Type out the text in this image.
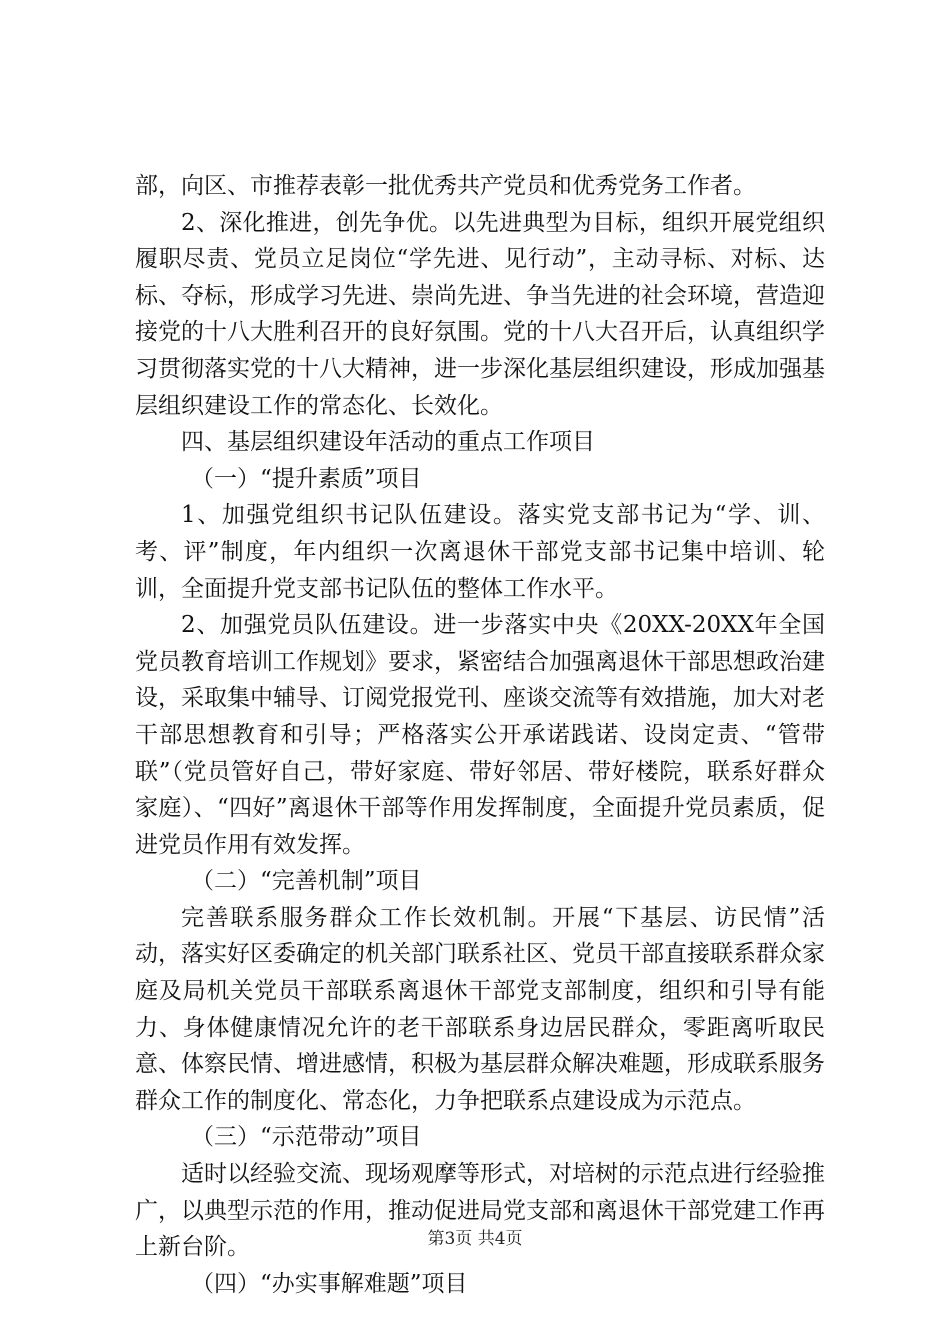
部，向区、市推荐表彰一批优秀共产党员和优秀党务工作者。

2、深化推进，创先争优。以先进典型为目标，组织开展党组织履职尽责、党员立足岗位“学先进、见行动”，主动寻标、对标、达标、夺标，形成学习先进、崇尚先进、争当先进的社会环境，营造迎接党的十八大胜利召开的良好氛围。党的十八大召开后，认真组织学习贯彻落实党的十八大精神，进一步深化基层组织建设，形成加强基层组织建设工作的常态化、长效化。

四、基层组织建设年活动的重点工作项目

（一）“提升素质”项目

1、加强党组织书记队伍建设。落实党支部书记为“学、训、考、评”制度，年内组织一次离退休干部党支部书记集中培训、轮训，全面提升党支部书记队伍的整体工作水平。

2、加强党员队伍建设。进一步落实中央《20XX-20XX年全国党员教育培训工作规划》要求，紧密结合加强离退休干部思想政治建设，采取集中辅导、订阅党报党刊、座谈交流等有效措施，加大对老干部思想教育和引导；严格落实公开承诺践诺、设岗定责、“管带联”（党员管好自己，带好家庭、带好邻居、带好楼院，联系好群众家庭）、“四好”离退休干部等作用发挥制度，全面提升党员素质，促进党员作用有效发挥。

（二）“完善机制”项目

完善联系服务群众工作长效机制。开展“下基层、访民情”活动，落实好区委确定的机关部门联系社区、党员干部直接联系群众家庭及局机关党员干部联系离退休干部党支部制度，组织和引导有能力、身体健康情况允许的老干部联系身边居民群众，零距离听取民意、体察民情、增进感情，积极为基层群众解决难题，形成联系服务群众工作的制度化、常态化，力争把联系点建设成为示范点。

（三）“示范带动”项目

适时以经验交流、现场观摩等形式，对培树的示范点进行经验推广，以典型示范的作用，推动促进局党支部和离退休干部党建工作再上新台阶。

（四）“办实事解难题”项目

第3页 共4页
